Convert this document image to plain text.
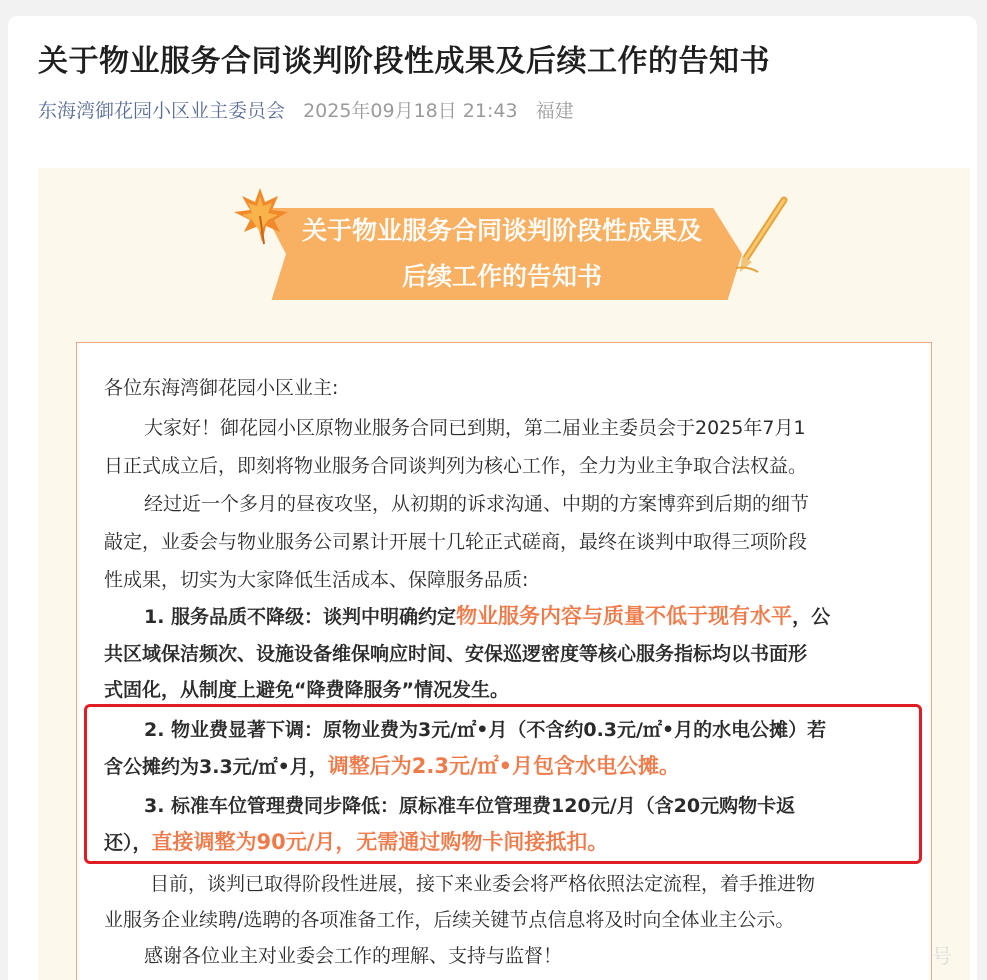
关于物业服务合同谈判阶段性成果及后续工作的告知书
东海湾御花园小区业主委员会 2025年09月18日 21:43 福建
关于物业服务合同谈判阶段性成果及
后续工作的告知书
各位东海湾御花园小区业主:
大家好！御花园小区原物业服务合同已到期，第二届业主委员会于2025年7月1
日正式成立后，即刻将物业服务合同谈判列为核心工作，全力为业主争取合法权益。
经过近一个多月的昼夜攻坚，从初期的诉求沟通、中期的方案博弈到后期的细节
敲定，业委会与物业服务公司累计开展十几轮正式磋商，最终在谈判中取得三项阶段
性成果，切实为大家降低生活成本、保障服务品质:
1. 服务品质不降级：谈判中明确约定物业服务内容与质量不低于现有水平，公
共区域保洁频次、设施设备维保响应时间、安保巡逻密度等核心服务指标均以书面形
式固化，从制度上避免“降费降服务”情况发生。
2. 物业费显著下调：原物业费为3元/㎡•月（不含约0.3元/㎡•月的水电公摊）若
含公摊约为3.3元/㎡•月，调整后为2.3元/㎡•月包含水电公摊。
3. 标准车位管理费同步降低：原标准车位管理费120元/月（含20元购物卡返
还），直接调整为90元/月，无需通过购物卡间接抵扣。
目前，谈判已取得阶段性进展，接下来业委会将严格依照法定流程，着手推进物
业服务企业续聘/选聘的各项准备工作，后续关键节点信息将及时向全体业主公示。
感谢各位业主对业委会工作的理解、支持与监督！	号
